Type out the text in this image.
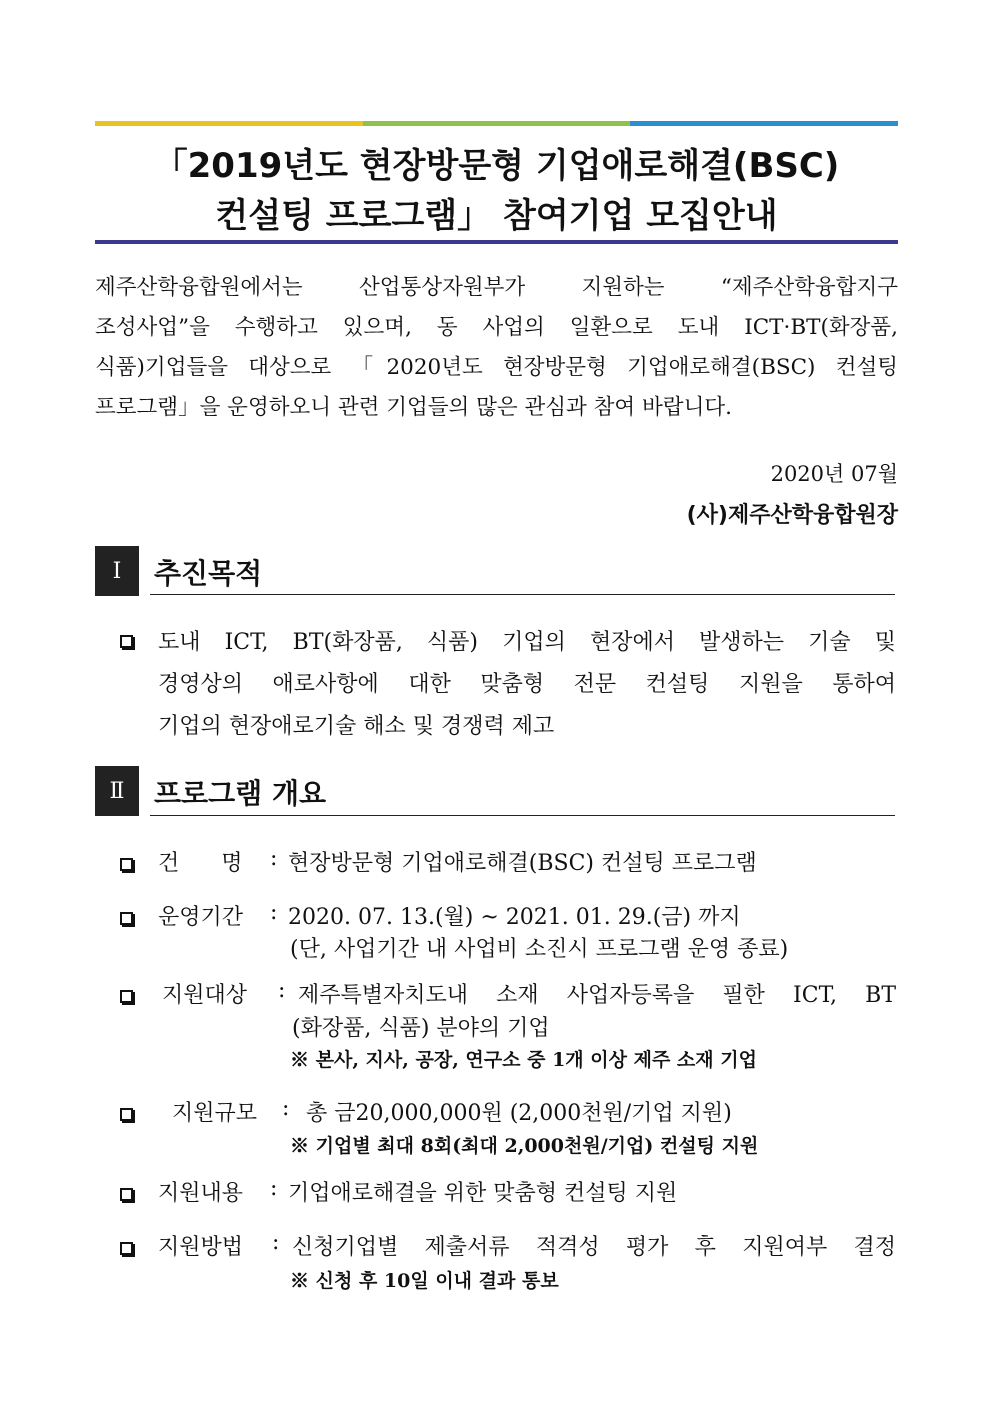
「2019년도 현장방문형 기업애로해결(BSC)
컨설팅 프로그램」 참여기업 모집안내
제주산학융합원에서는 산업통상자원부가 지원하는 “제주산학융합지구
조성사업”을 수행하고 있으며, 동 사업의 일환으로 도내 ICT·BT(화장품,
식품)기업들을 대상으로 「2020년도 현장방문형 기업애로해결(BSC) 컨설팅
프로그램」을 운영하오니 관련 기업들의 많은 관심과 참여 바랍니다.
2020년 07월
(사)제주산학융합원장
Ⅰ	추진목적
도내 ICT, BT(화장품, 식품) 기업의 현장에서 발생하는 기술 및
경영상의 애로사항에 대한 맞춤형 전문 컨설팅 지원을 통하여
기업의 현장애로기술 해소 및 경쟁력 제고
Ⅱ	프로그램 개요
건      명 : 현장방문형 기업애로해결(BSC) 컨설팅 프로그램
운영기간 : 2020. 07. 13.(월) ~ 2021. 01. 29.(금) 까지
(단, 사업기간 내 사업비 소진시 프로그램 운영 종료)
지원대상 : 제주특별자치도내 소재 사업자등록을 필한 ICT, BT
(화장품, 식품) 분야의 기업
※ 본사, 지사, 공장, 연구소 중 1개 이상 제주 소재 기업
지원규모 : 총 금20,000,000원 (2,000천원/기업 지원)
※ 기업별 최대 8회(최대 2,000천원/기업) 컨설팅 지원
지원내용 : 기업애로해결을 위한 맞춤형 컨설팅 지원
지원방법 : 신청기업별 제출서류 적격성 평가 후 지원여부 결정
※ 신청 후 10일 이내 결과 통보
